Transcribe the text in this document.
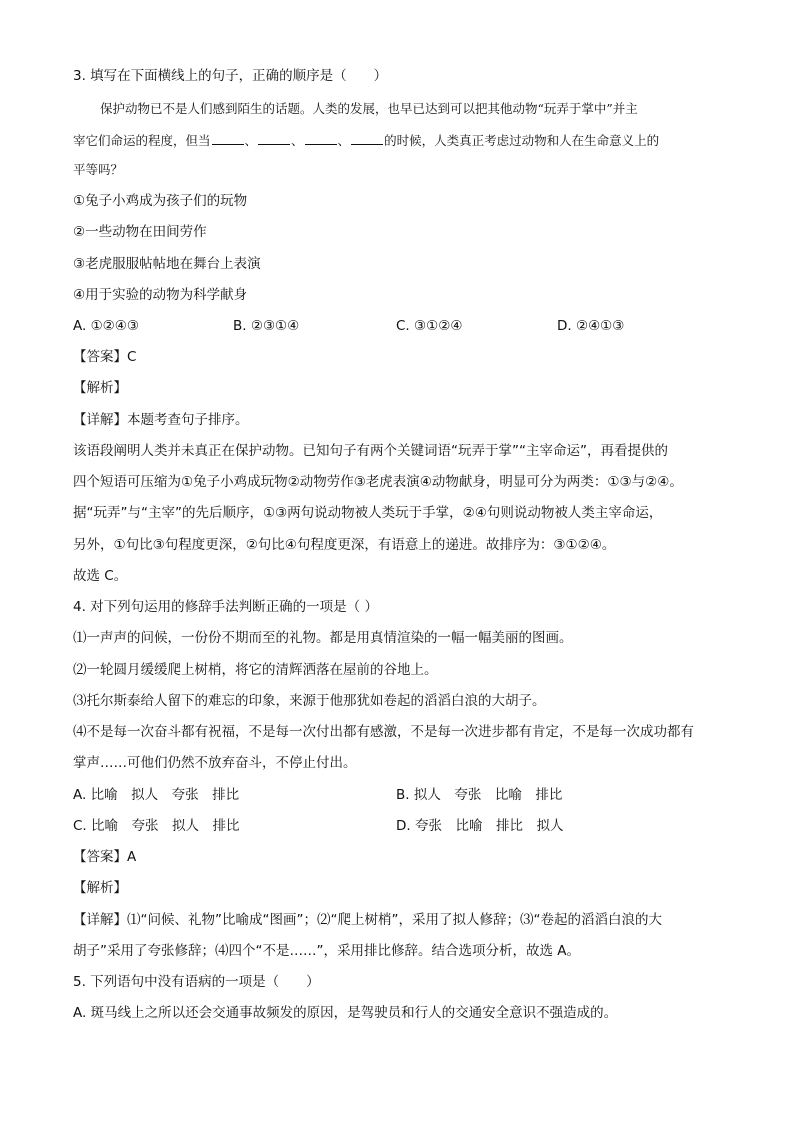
3. 填写在下面横线上的句子，正确的顺序是（　　）
保护动物已不是人们感到陌生的话题。人类的发展，也早已达到可以把其他动物“玩弄于掌中”并主
宰它们命运的程度，但当	、	、	、	的时候，人类真正考虑过动物和人在生命意义上的
平等吗？
①兔子小鸡成为孩子们的玩物
②一些动物在田间劳作
③老虎服服帖帖地在舞台上表演
④用于实验的动物为科学献身
A. ①②④③	B. ②③①④	C. ③①②④	D. ②④①③
【答案】C
【解析】
【详解】本题考查句子排序。
该语段阐明人类并未真正在保护动物。已知句子有两个关键词语“玩弄于掌”“主宰命运”，再看提供的
四个短语可压缩为①兔子小鸡成玩物②动物劳作③老虎表演④动物献身，明显可分为两类：①③与②④。
据“玩弄”与“主宰”的先后顺序，①③两句说动物被人类玩于手掌，②④句则说动物被人类主宰命运，
另外，①句比③句程度更深，②句比④句程度更深，有语意上的递进。故排序为：③①②④。
故选 C。
4. 对下列句运用的修辞手法判断正确的一项是（ ）
⑴一声声的问候，一份份不期而至的礼物。都是用真情渲染的一幅一幅美丽的图画。
⑵一轮圆月缓缓爬上树梢，将它的清辉洒落在屋前的谷地上。
⑶托尔斯泰给人留下的难忘的印象，来源于他那犹如卷起的滔滔白浪的大胡子。
⑷不是每一次奋斗都有祝福，不是每一次付出都有感激，不是每一次进步都有肯定，不是每一次成功都有
掌声……可他们仍然不放弃奋斗，不停止付出。
A. 比喻　拟人　夸张　排比	B. 拟人　夸张　比喻　排比
C. 比喻　夸张　拟人　排比	D. 夸张　比喻　排比　拟人
【答案】A
【解析】
【详解】⑴“问候、礼物”比喻成“图画”；⑵“爬上树梢”，采用了拟人修辞；⑶“卷起的滔滔白浪的大
胡子”采用了夸张修辞；⑷四个“不是……”，采用排比修辞。结合选项分析，故选 A。
5. 下列语句中没有语病的一项是（　　）
A. 斑马线上之所以还会交通事故频发的原因，是驾驶员和行人的交通安全意识不强造成的。
